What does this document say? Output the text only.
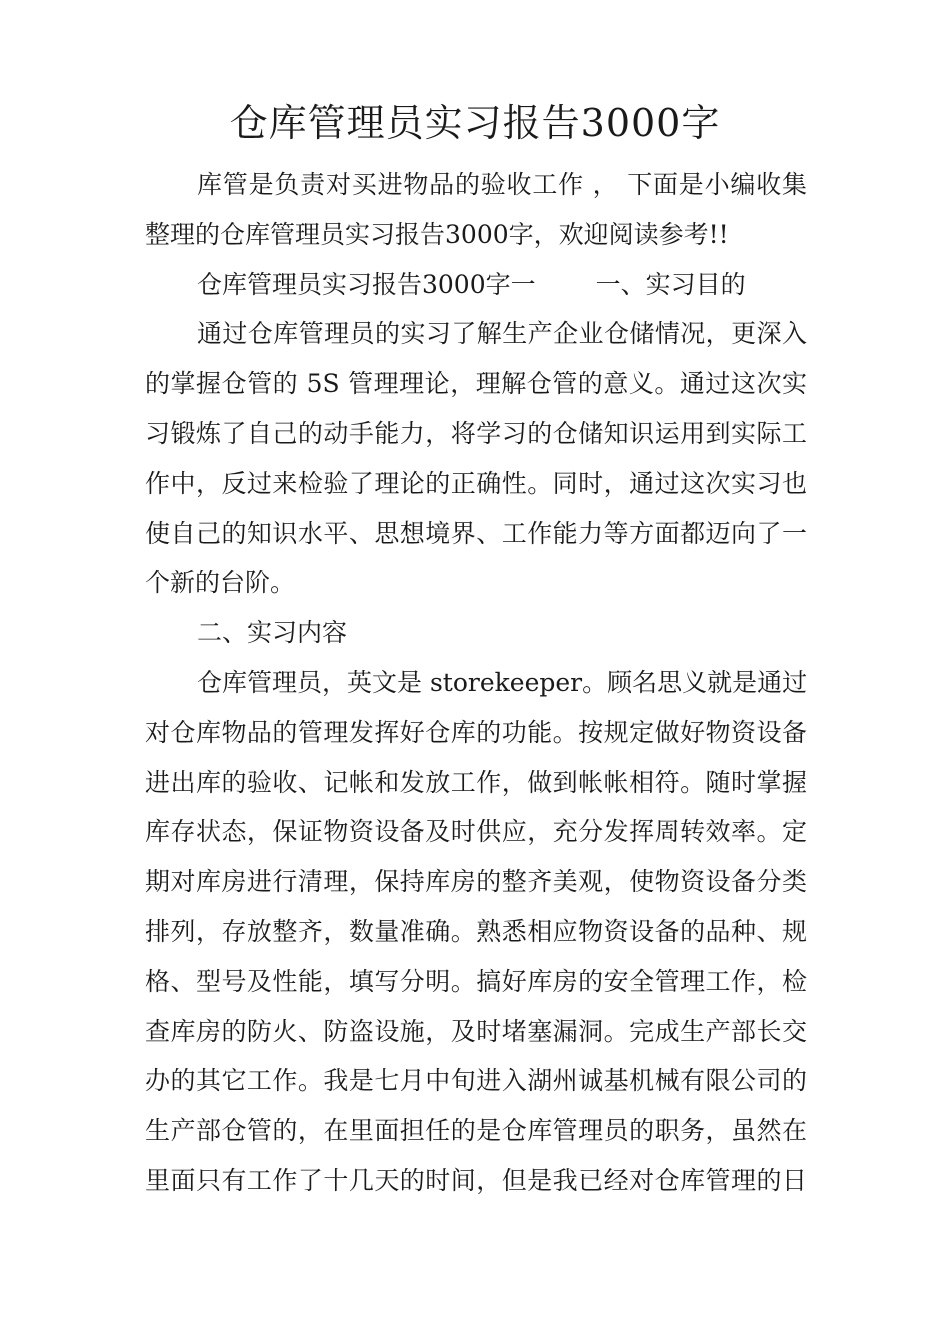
仓库管理员实习报告3000字
库管是负责对买进物品的验收工作 ， 下面是小编收集
整理的仓库管理员实习报告3000字，欢迎阅读参考!!
仓库管理员实习报告3000字一 一、实习目的
通过仓库管理员的实习了解生产企业仓储情况，更深入
的掌握仓管的 5S 管理理论，理解仓管的意义。通过这次实
习锻炼了自己的动手能力，将学习的仓储知识运用到实际工
作中，反过来检验了理论的正确性。同时，通过这次实习也
使自己的知识水平、思想境界、工作能力等方面都迈向了一
个新的台阶。
二、实习内容
仓库管理员，英文是 storekeeper。顾名思义就是通过
对仓库物品的管理发挥好仓库的功能。按规定做好物资设备
进出库的验收、记帐和发放工作，做到帐帐相符。随时掌握
库存状态，保证物资设备及时供应，充分发挥周转效率。定
期对库房进行清理，保持库房的整齐美观，使物资设备分类
排列，存放整齐，数量准确。熟悉相应物资设备的品种、规
格、型号及性能，填写分明。搞好库房的安全管理工作，检
查库房的防火、防盗设施，及时堵塞漏洞。完成生产部长交
办的其它工作。我是七月中旬进入湖州诚基机械有限公司的
生产部仓管的，在里面担任的是仓库管理员的职务，虽然在
里面只有工作了十几天的时间，但是我已经对仓库管理的日
